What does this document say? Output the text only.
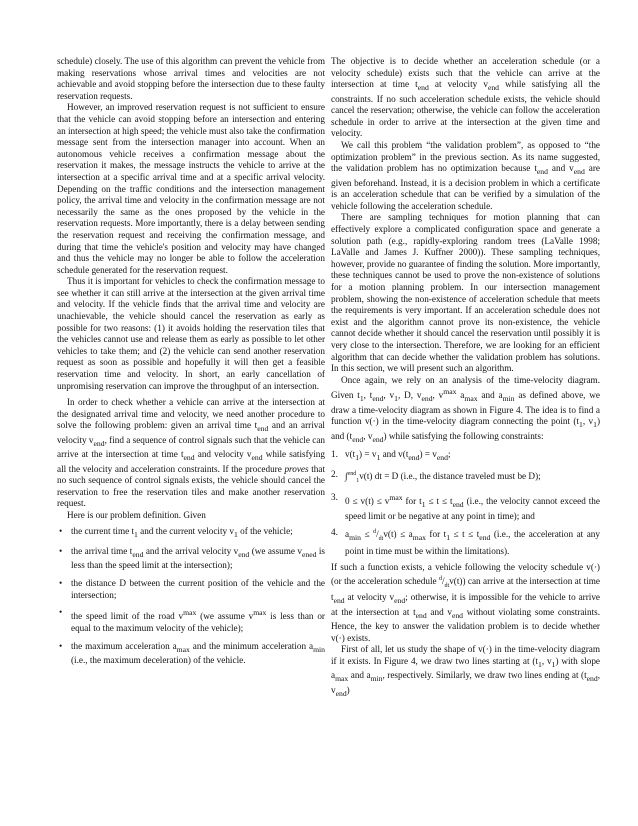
schedule) closely. The use of this algorithm can prevent the vehicle from making reservations whose arrival times and velocities are not achievable and avoid stopping before the intersection due to these faulty reservation requests.

However, an improved reservation request is not sufficient to ensure that the vehicle can avoid stopping before an intersection and entering an intersection at high speed; the vehicle must also take the confirmation message sent from the intersection manager into account. When an autonomous vehicle receives a confirmation message about the reservation it makes, the message instructs the vehicle to arrive at the intersection at a specific arrival time and at a specific arrival velocity. Depending on the traffic conditions and the intersection management policy, the arrival time and velocity in the confirmation message are not necessarily the same as the ones proposed by the vehicle in the reservation requests. More importantly, there is a delay between sending the reservation request and receiving the confirmation message, and during that time the vehicle's position and velocity may have changed and thus the vehicle may no longer be able to follow the acceleration schedule generated for the reservation request.

Thus it is important for vehicles to check the confirmation message to see whether it can still arrive at the intersection at the given arrival time and velocity. If the vehicle finds that the arrival time and velocity are unachievable, the vehicle should cancel the reservation as early as possible for two reasons: (1) it avoids holding the reservation tiles that the vehicles cannot use and release them as early as possible to let other vehicles to take them; and (2) the vehicle can send another reservation request as soon as possible and hopefully it will then get a feasible reservation time and velocity. In short, an early cancellation of unpromising reservation can improve the throughput of an intersection.

In order to check whether a vehicle can arrive at the intersection at the designated arrival time and velocity, we need another procedure to solve the following problem: given an arrival time $t_{end}$ and an arrival velocity $v_{end}$, find a sequence of control signals such that the vehicle can arrive at the intersection at time $t_{end}$ and velocity $v_{end}$ while satisfying all the velocity and acceleration constraints. If the procedure proves that no such sequence of control signals exists, the vehicle should cancel the reservation to free the reservation tiles and make another reservation request.

Here is our problem definition. Given

• the current time $t_1$ and the current velocity $v_1$ of the vehicle;
• the arrival time $t_{end}$ and the arrival velocity $v_{end}$ (we assume $v_{ened}$ is less than the speed limit at the intersection);
• the distance D between the current position of the vehicle and the intersection;
• the speed limit of the road $v^{max}$ (we assume $v^{max}$ is less than or equal to the maximum velocity of the vehicle);
• the maximum acceleration $a_{max}$ and the minimum acceleration $a_{min}$ (i.e., the maximum deceleration) of the vehicle.

The objective is to decide whether an acceleration schedule (or a velocity schedule) exists such that the vehicle can arrive at the intersection at time $t_{end}$ at velocity $v_{end}$ while satisfying all the constraints. If no such acceleration schedule exists, the vehicle should cancel the reservation; otherwise, the vehicle can follow the acceleration schedule in order to arrive at the intersection at the given time and velocity.

We call this problem “the validation problem”, as opposed to “the optimization problem” in the previous section. As its name suggested, the validation problem has no optimization because $t_{end}$ and $v_{end}$ are given beforehand. Instead, it is a decision problem in which a certificate is an acceleration schedule that can be verified by a simulation of the vehicle following the acceleration schedule.

There are sampling techniques for motion planning that can effectively explore a complicated configuration space and generate a solution path (e.g., rapidly-exploring random trees (LaValle 1998; LaValle and James J. Kuffner 2000)). These sampling techniques, however, provide no guarantee of finding the solution. More importantly, these techniques cannot be used to prove the non-existence of solutions for a motion planning problem. In our intersection management problem, showing the non-existence of acceleration schedule that meets the requirements is very important. If an acceleration schedule does not exist and the algorithm cannot prove its non-existence, the vehicle cannot decide whether it should cancel the reservation until possibly it is very close to the intersection. Therefore, we are looking for an efficient algorithm that can decide whether the validation problem has solutions. In this section, we will present such an algorithm.

Once again, we rely on an analysis of the time-velocity diagram. Given $t_1$, $t_{end}$, $v_1$, D, $v_{end}$, $v^{max}$ $a_{max}$ and $a_{min}$ as defined above, we draw a time-velocity diagram as shown in Figure 4. The idea is to find a function v(·) in the time-velocity diagram connecting the point ($t_1$, $v_1$) and ($t_{end}$, $v_{end}$) while satisfying the following constraints:

1. $v(t_1) = v_1$ and $v(t_{end}) = v_{end}$;
2. ∫$^{end}_1$v(t) dt = D (i.e., the distance traveled must be D);
3. $0 \le v(t) \le v^{max}$ for $t_1 \le t \le t_{end}$ (i.e., the velocity cannot exceed the speed limit or be negative at any point in time); and
4. $a_{min} \le ^d/_{dt}v(t) \le a_{max}$ for $t_1 \le t \le t_{end}$ (i.e., the acceleration at any point in time must be within the limitations).

If such a function exists, a vehicle following the velocity schedule v(·) (or the acceleration schedule $^d/_{dt}v(t)$) can arrive at the intersection at time $t_{end}$ at velocity $v_{end}$; otherwise, it is impossible for the vehicle to arrive at the intersection at $t_{end}$ and $v_{end}$ without violating some constraints. Hence, the key to answer the validation problem is to decide whether v(·) exists.

First of all, let us study the shape of v(·) in the time-velocity diagram if it exists. In Figure 4, we draw two lines starting at ($t_1$, $v_1$) with slope $a_{max}$ and $a_{min}$, respectively. Similarly, we draw two lines ending at ($t_{end}$, $v_{end}$)
